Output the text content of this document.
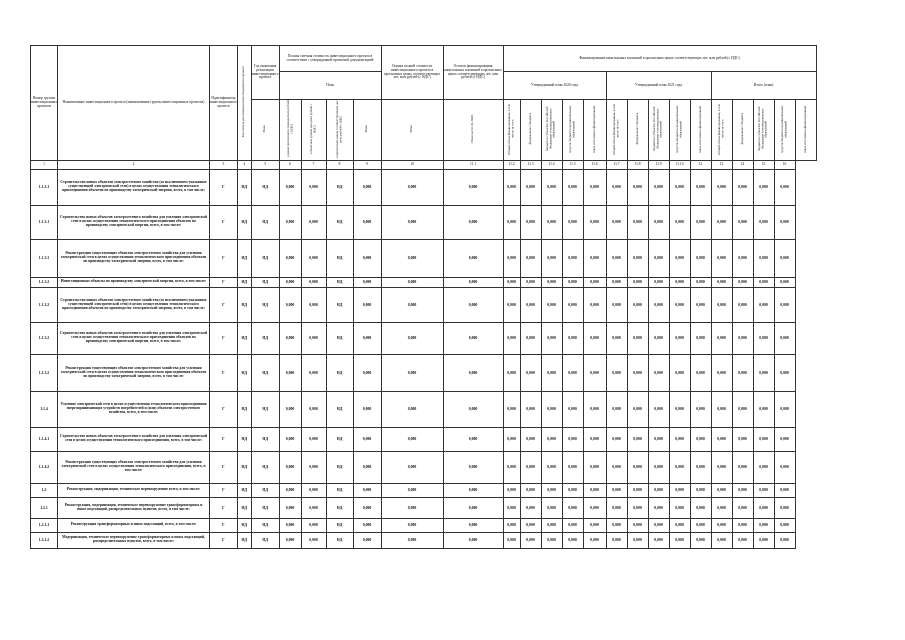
Номер группы инвестиционных проектов	Наименование инвестиционного проекта (наименование группы инвестиционных проектов)	Идентификатор инвестиционного проекта	Год начала реализации инвестиционного проекта	Год окончания реализации инвестиционного проекта	Полная сметная стоимость инвестиционного проекта в соответствии с утвержденной проектной документацией				Оценка полной стоимости инвестиционного проекта в прогнозных ценах соответствующих лет, млн рублей (с НДС)	Остаток финансирования капитальных вложений в прогнозных ценах соответствующих лет, млн рублей (с НДС)	Финансирование капитальных вложений в прогнозных ценах соответствующих лет, млн рублей (с НДС)														
					План						Утвержденный план 2020 года					Утвержденный план 2021 года					Итого (план)				
				План	в ценах прогнозного периода (млн рублей с НДС)	в базисном уровне цен (млн рублей с НДС)	в прогнозных ценах соответствующих лет (млн рублей с НДС)	План	План	План на 01.01.2020	Общий объем финансирования, в том числе за счет:	федерального бюджета	бюджетов субъектов Российской Федерации и муниципальных образований	средств бюджетов муниципальных образований	иных источников финансирования	Общий объем финансирования, в том числе за счет:	федерального бюджета	бюджетов субъектов Российской Федерации и муниципальных образований	средств бюджетов муниципальных образований	иных источников финансирования	Общий объем финансирования, в том числе за счет:	федерального бюджета	бюджетов субъектов Российской Федерации и муниципальных образований	средств бюджетов муниципальных образований	иных источников финансирования
1	2	3	4	5	6	7	8	9	10	11.1	11.2	11.3	11.4	11.5	11.6	11.7	11.8	11.9	11.10	12	13	14	15	16	
1.1.3.1	Строительство новых объектов электросетевого хозяйства (за исключением указанных существующей электрической сети) в целях осуществления технологического присоединения объектов по производству электрической энергии, всего, в том числе:	Г	НД	НД	0,000	0,000	НД	0,000	0,000	0,000	0,000	0,000	0,000	0,000	0,000	0,000	0,000	0,000	0,000	0,000	0,000	0,000	0,000	0,000	
1.1.3.1	Строительство новых объектов электросетевого хозяйства для усиления электрической сети в целях осуществления технологического присоединения объектов по производству электрической энергии, всего, в том числе:	Г	НД	НД	0,000	0,000	НД	0,000	0,000	0,000	0,000	0,000	0,000	0,000	0,000	0,000	0,000	0,000	0,000	0,000	0,000	0,000	0,000	0,000	
1.1.3.3	Реконструкция существующих объектов электросетевого хозяйства для усиления электрической сети в целях осуществления технологического присоединения объектов по производству электрической энергии, всего, в том числе:	Г	НД	НД	0,000	0,000	НД	0,000	0,000	0,000	0,000	0,000	0,000	0,000	0,000	0,000	0,000	0,000	0,000	0,000	0,000	0,000	0,000	0,000	
1.1.3.2	Инвестиционные объекты по производству электрической энергии, всего, в том числе:	Г	НД	НД	0,000	0,000	НД	0,000	0,000	0,000	0,000	0,000	0,000	0,000	0,000	0,000	0,000	0,000	0,000	0,000	0,000	0,000	0,000	0,000	
1.1.3.2	Строительство новых объектов электросетевого хозяйства (за исключением указанных существующей электрической сети) в целях осуществления технологического присоединения объектов по производству электрической энергии, всего, в том числе:	Г	НД	НД	0,000	0,000	НД	0,000	0,000	0,000	0,000	0,000	0,000	0,000	0,000	0,000	0,000	0,000	0,000	0,000	0,000	0,000	0,000	0,000	
1.1.3.2	Строительство новых объектов электросетевого хозяйства для усиления электрической сети в целях осуществления технологического присоединения объектов по производству электрической энергии, всего, в том числе:	Г	НД	НД	0,000	0,000	НД	0,000	0,000	0,000	0,000	0,000	0,000	0,000	0,000	0,000	0,000	0,000	0,000	0,000	0,000	0,000	0,000	0,000	
1.1.3.2	Реконструкция существующих объектов электросетевого хозяйства для усиления электрической сети в целях осуществления технологического присоединения объектов по производству электрической энергии, всего, в том числе:	Г	НД	НД	0,000	0,000	НД	0,000	0,000	0,000	0,000	0,000	0,000	0,000	0,000	0,000	0,000	0,000	0,000	0,000	0,000	0,000	0,000	0,000	
1.1.4	Усиление электрической сети в целях осуществления технологического присоединения энергопринимающих устройств потребителей и (или) объектов электросетевого хозяйства, всего, в том числе:	Г	НД	НД	0,000	0,000	НД	0,000	0,000	0,000	0,000	0,000	0,000	0,000	0,000	0,000	0,000	0,000	0,000	0,000	0,000	0,000	0,000	0,000	
1.1.4.1	Строительство новых объектов электросетевого хозяйства для усиления электрической сети в целях осуществления технологического присоединения, всего, в том числе:	Г	НД	НД	0,000	0,000	НД	0,000	0,000	0,000	0,000	0,000	0,000	0,000	0,000	0,000	0,000	0,000	0,000	0,000	0,000	0,000	0,000	0,000	
1.1.4.2	Реконструкция существующих объектов электросетевого хозяйства для усиления электрической сети в целях осуществления технологического присоединения, всего, в том числе:	Г	НД	НД	0,000	0,000	НД	0,000	0,000	0,000	0,000	0,000	0,000	0,000	0,000	0,000	0,000	0,000	0,000	0,000	0,000	0,000	0,000	0,000	
1.2	Реконструкция, модернизация, техническое перевооружение всего, в том числе:	Г	НД	НД	0,000	0,000	НД	0,000	0,000	0,000	0,000	0,000	0,000	0,000	0,000	0,000	0,000	0,000	0,000	0,000	0,000	0,000	0,000	0,000	
1.2.1	Реконструкция, модернизация, техническое перевооружение трансформаторных и иных подстанций, распределительных пунктов, всего, в том числе:	Г	НД	НД	0,000	0,000	НД	0,000	0,000	0,000	0,000	0,000	0,000	0,000	0,000	0,000	0,000	0,000	0,000	0,000	0,000	0,000	0,000	0,000	
1.2.1.1	Реконструкция трансформаторных и иных подстанций, всего, в том числе:	Г	НД	НД	0,000	0,000	НД	0,000	0,000	0,000	0,000	0,000	0,000	0,000	0,000	0,000	0,000	0,000	0,000	0,000	0,000	0,000	0,000	0,000	
1.2.1.2	Модернизация, техническое перевооружение трансформаторных и иных подстанций, распределительных пунктов, всего, в том числе:	Г	НД	НД	0,000	0,000	НД	0,000	0,000	0,000	0,000	0,000	0,000	0,000	0,000	0,000	0,000	0,000	0,000	0,000	0,000	0,000	0,000	0,000	
